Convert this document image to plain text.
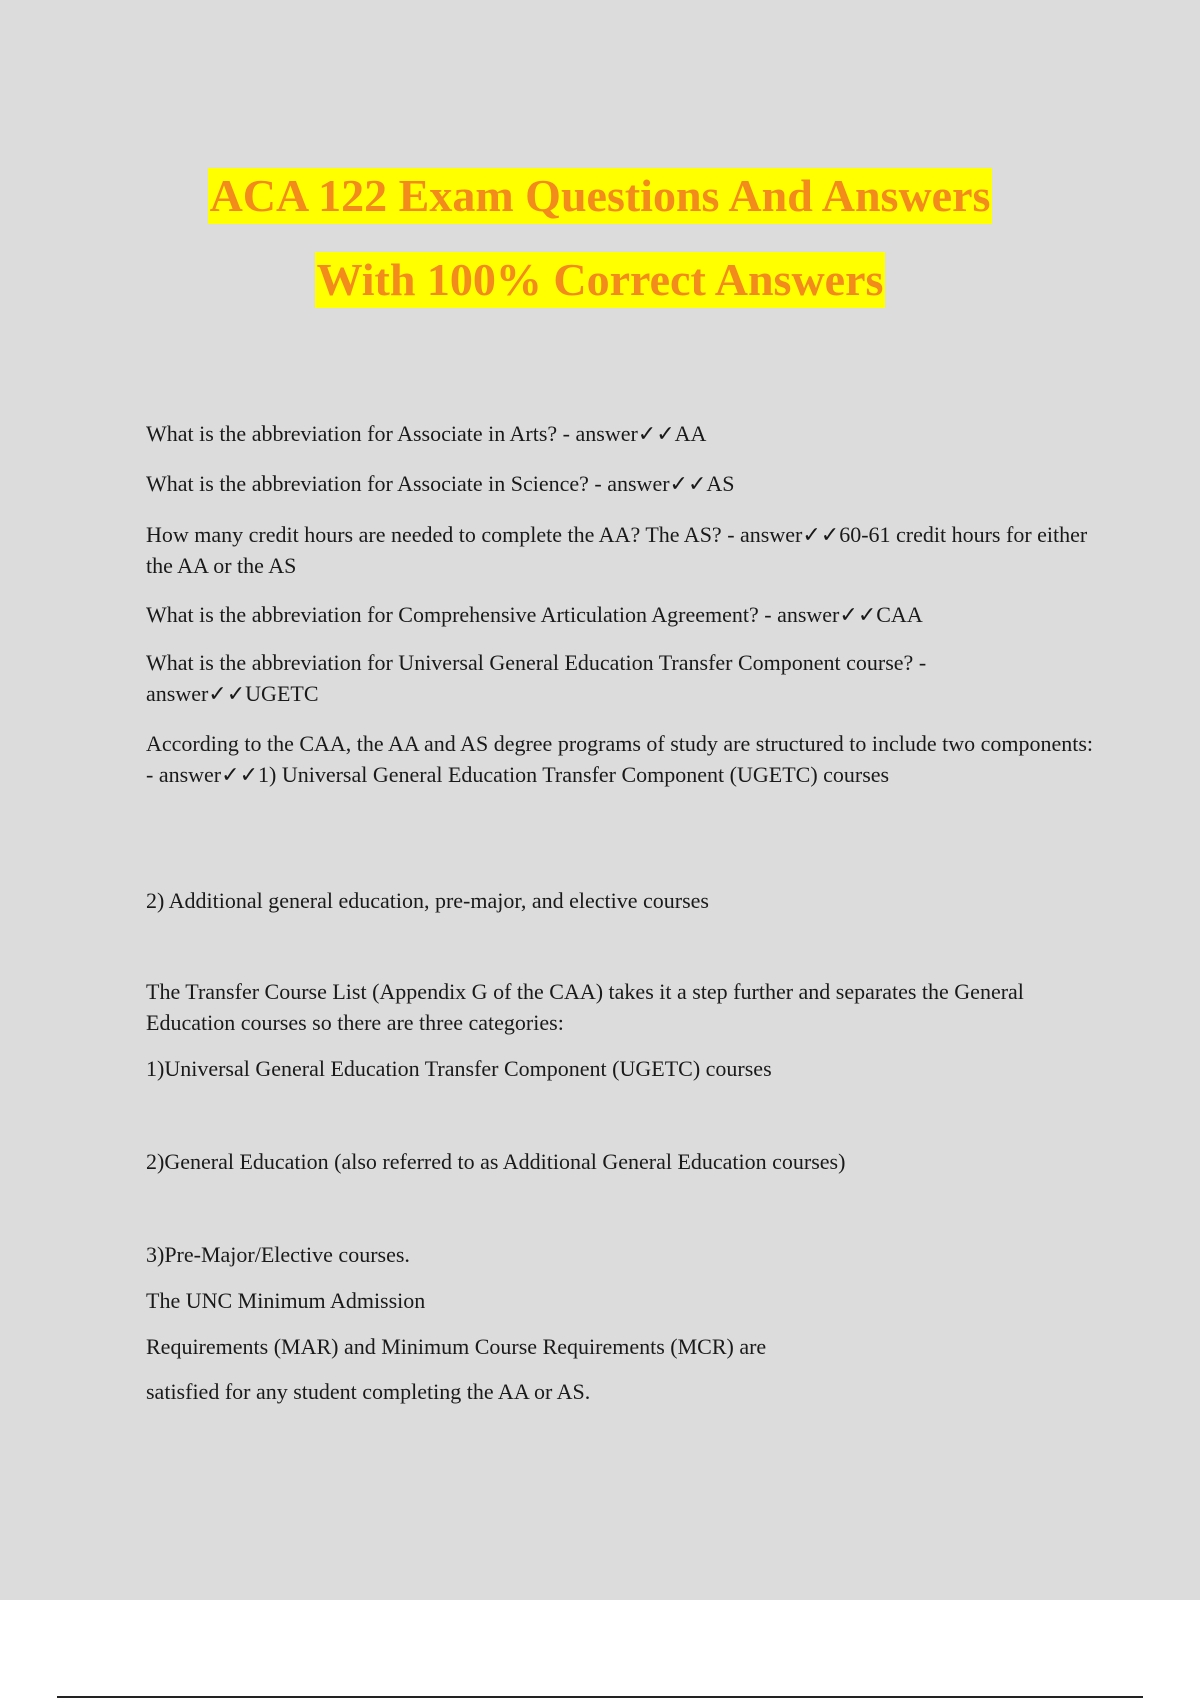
ACA 122 Exam Questions And Answers
With 100% Correct Answers
What is the abbreviation for Associate in Arts? - answer✓✓AA
What is the abbreviation for Associate in Science? - answer✓✓AS
How many credit hours are needed to complete the AA? The AS? - answer✓✓60-61 credit hours for either the AA or the AS
What is the abbreviation for Comprehensive Articulation Agreement? - answer✓✓CAA
What is the abbreviation for Universal General Education Transfer Component course? - answer✓✓UGETC
According to the CAA, the AA and AS degree programs of study are structured to include two components: - answer✓✓1) Universal General Education Transfer Component (UGETC) courses
2) Additional general education, pre-major, and elective courses
The Transfer Course List (Appendix G of the CAA) takes it a step further and separates the General Education courses so there are three categories:
1)Universal General Education Transfer Component (UGETC) courses
2)General Education (also referred to as Additional General Education courses)
3)Pre-Major/Elective courses.
The UNC Minimum Admission
Requirements (MAR) and Minimum Course Requirements (MCR) are
satisfied for any student completing the AA or AS.
